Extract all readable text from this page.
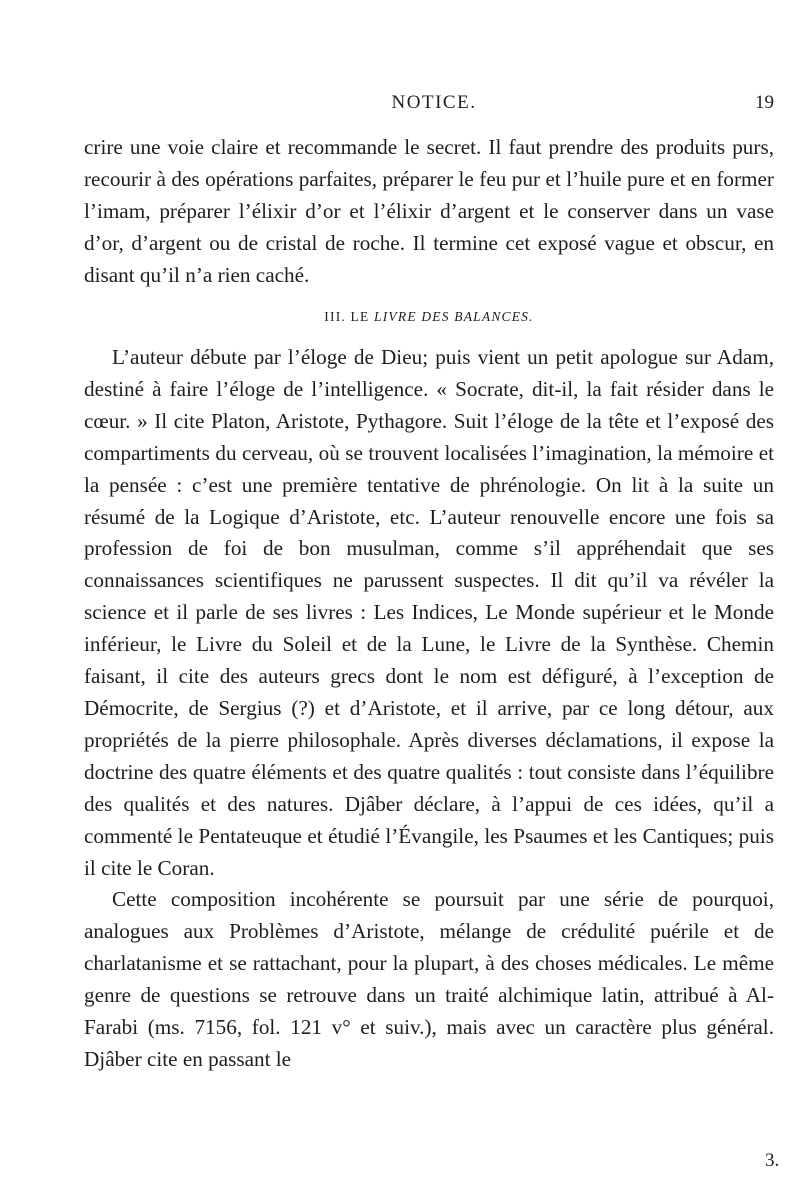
NOTICE.	19

crire une voie claire et recommande le secret. Il faut prendre des produits purs, recourir à des opérations parfaites, préparer le feu pur et l’huile pure et en former l’imam, préparer l’élixir d’or et l’élixir d’argent et le conserver dans un vase d’or, d’argent ou de cristal de roche. Il termine cet exposé vague et obscur, en disant qu’il n’a rien caché.

III. LE LIVRE DES BALANCES.

L’auteur débute par l’éloge de Dieu; puis vient un petit apologue sur Adam, destiné à faire l’éloge de l’intelligence. « Socrate, dit-il, la fait résider dans le cœur. » Il cite Platon, Aristote, Pythagore. Suit l’éloge de la tête et l’exposé des compartiments du cerveau, où se trouvent localisées l’imagination, la mémoire et la pensée : c’est une première tentative de phrénologie. On lit à la suite un résumé de la Logique d’Aristote, etc. L’auteur renouvelle encore une fois sa profession de foi de bon musulman, comme s’il appréhendait que ses connaissances scientifiques ne parussent suspectes. Il dit qu’il va révéler la science et il parle de ses livres : Les Indices, Le Monde supérieur et le Monde inférieur, le Livre du Soleil et de la Lune, le Livre de la Synthèse. Chemin faisant, il cite des auteurs grecs dont le nom est défiguré, à l’exception de Démocrite, de Sergius (?) et d’Aristote, et il arrive, par ce long détour, aux propriétés de la pierre philosophale. Après diverses déclamations, il expose la doctrine des quatre éléments et des quatre qualités : tout consiste dans l’équilibre des qualités et des natures. Djâber déclare, à l’appui de ces idées, qu’il a commenté le Pentateuque et étudié l’Évangile, les Psaumes et les Cantiques; puis il cite le Coran.

Cette composition incohérente se poursuit par une série de pourquoi, analogues aux Problèmes d’Aristote, mélange de crédulité puérile et de charlatanisme et se rattachant, pour la plupart, à des choses médicales. Le même genre de questions se retrouve dans un traité alchimique latin, attribué à Al-Farabi (ms. 7156, fol. 121 v° et suiv.), mais avec un caractère plus général. Djâber cite en passant le

3.
